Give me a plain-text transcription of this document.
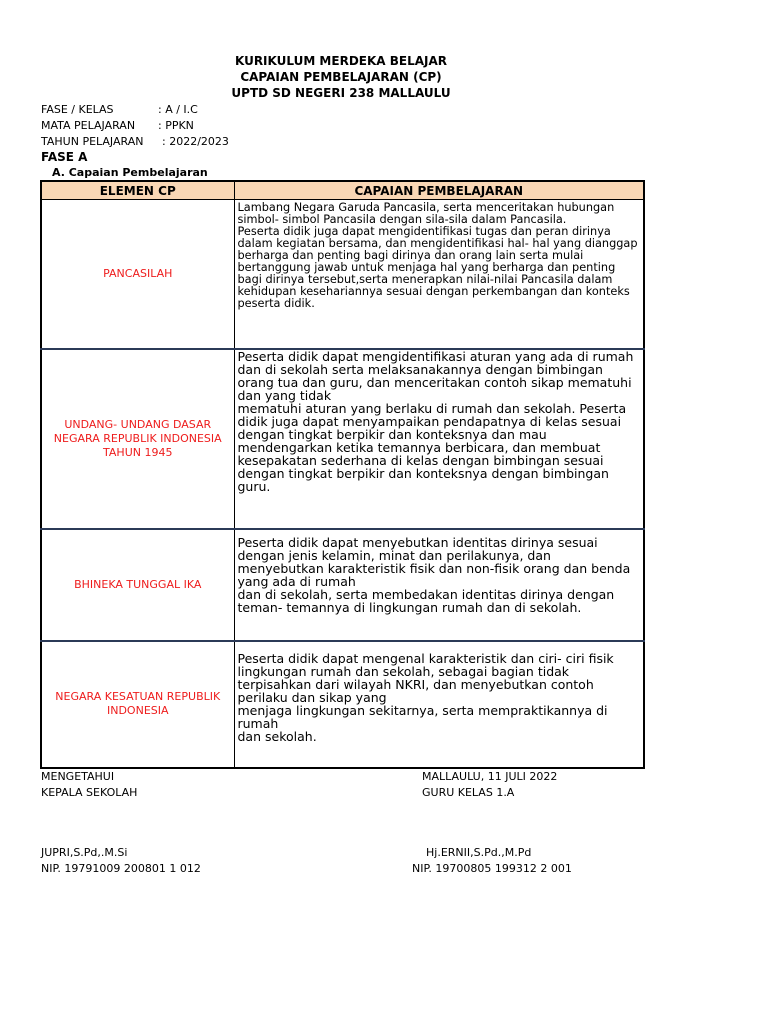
KURIKULUM MERDEKA BELAJAR
CAPAIAN PEMBELAJARAN (CP)
UPTD SD NEGERI 238 MALLAULU
FASE / KELAS	: A / I.C
MATA PELAJARAN : PPKN
TAHUN PELAJARAN : 2022/2023
FASE A
A. Capaian Pembelajaran
ELEMEN CP	CAPAIAN PEMBELAJARAN
PANCASILAH	Lambang Negara Garuda Pancasila, serta menceritakan hubungan simbol- simbol Pancasila dengan sila-sila dalam Pancasila.
Peserta didik juga dapat mengidentifikasi tugas dan peran dirinya dalam kegiatan bersama, dan mengidentifikasi hal- hal yang dianggap berharga dan penting bagi dirinya dan orang lain serta mulai bertanggung jawab untuk menjaga hal yang berharga dan penting bagi dirinya tersebut,serta menerapkan nilai-nilai Pancasila dalam kehidupan kesehariannya sesuai dengan perkembangan dan konteks peserta didik.
UNDANG- UNDANG DASAR NEGARA REPUBLIK INDONESIA TAHUN 1945	Peserta didik dapat mengidentifikasi aturan yang ada di rumah dan di sekolah serta melaksanakannya dengan bimbingan
orang tua dan guru, dan menceritakan contoh sikap mematuhi dan yang tidak
mematuhi aturan yang berlaku di rumah dan sekolah. Peserta didik juga dapat menyampaikan pendapatnya di kelas sesuai dengan tingkat berpikir dan konteksnya dan mau mendengarkan ketika temannya berbicara, dan membuat kesepakatan sederhana di kelas dengan bimbingan sesuai dengan tingkat berpikir dan konteksnya dengan bimbingan guru.
BHINEKA TUNGGAL IKA	Peserta didik dapat menyebutkan identitas dirinya sesuai dengan jenis kelamin, minat dan perilakunya, dan menyebutkan karakteristik fisik dan non-fisik orang dan benda yang ada di rumah
dan di sekolah, serta membedakan identitas dirinya dengan teman- temannya di lingkungan rumah dan di sekolah.
NEGARA KESATUAN REPUBLIK INDONESIA	Peserta didik dapat mengenal karakteristik dan ciri- ciri fisik lingkungan rumah dan sekolah, sebagai bagian tidak terpisahkan dari wilayah NKRI, dan menyebutkan contoh perilaku dan sikap yang
menjaga lingkungan sekitarnya, serta mempraktikannya di rumah
dan sekolah.
MENGETAHUI
KEPALA SEKOLAH
JUPRI,S.Pd,.M.Si
NIP. 19791009 200801 1 012
MALLAULU, 11 JULI 2022
GURU KELAS 1.A
Hj.ERNII,S.Pd.,M.Pd
NIP. 19700805 199312 2 001
